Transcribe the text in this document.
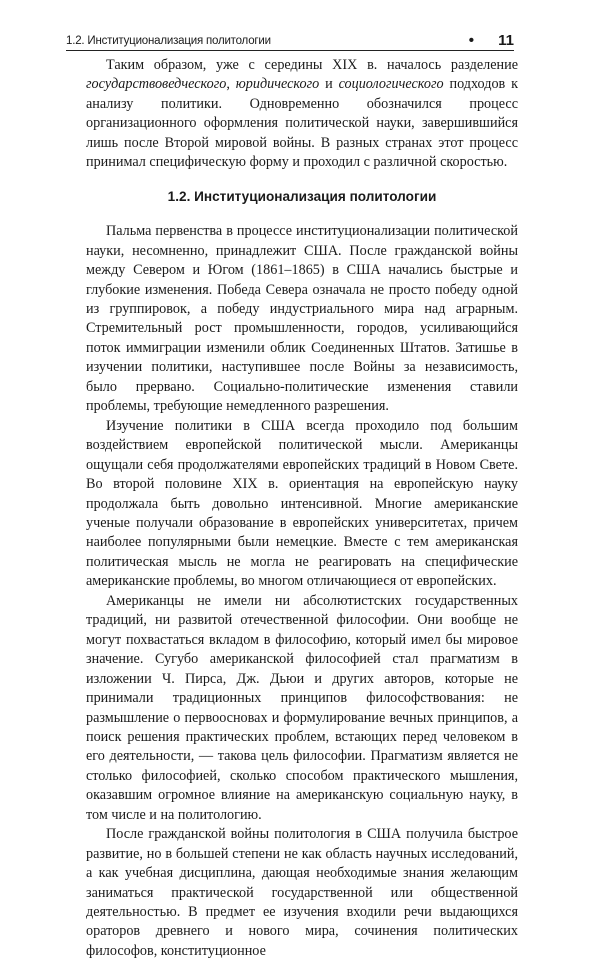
1.2. Институционализация политологии	• 11

Таким образом, уже с середины XIX в. началось разделение государствоведческого, юридического и социологического подходов к анализу политики. Одновременно обозначился процесс организационного оформления политической науки, завершившийся лишь после Второй мировой войны. В разных странах этот процесс принимал специфическую форму и проходил с различной скоростью.

1.2. Институционализация политологии

Пальма первенства в процессе институционализации политической науки, несомненно, принадлежит США. После гражданской войны между Севером и Югом (1861–1865) в США начались быстрые и глубокие изменения. Победа Севера означала не просто победу одной из группировок, а победу индустриального мира над аграрным. Стремительный рост промышленности, городов, усиливающийся поток иммиграции изменили облик Соединенных Штатов. Затишье в изучении политики, наступившее после Войны за независимость, было прервано. Социально-политические изменения ставили проблемы, требующие немедленного разрешения.

Изучение политики в США всегда проходило под большим воздействием европейской политической мысли. Американцы ощущали себя продолжателями европейских традиций в Новом Свете. Во второй половине XIX в. ориентация на европейскую науку продолжала быть довольно интенсивной. Многие американские ученые получали образование в европейских университетах, причем наиболее популярными были немецкие. Вместе с тем американская политическая мысль не могла не реагировать на специфические американские проблемы, во многом отличающиеся от европейских.

Американцы не имели ни абсолютистских государственных традиций, ни развитой отечественной философии. Они вообще не могут похвастаться вкладом в философию, который имел бы мировое значение. Сугубо американской философией стал прагматизм в изложении Ч. Пирса, Дж. Дьюи и других авторов, которые не принимали традиционных принципов философствования: не размышление о первоосновах и формулирование вечных принципов, а поиск решения практических проблем, встающих перед человеком в его деятельности, — такова цель философии. Прагматизм является не столько философией, сколько способом практического мышления, оказавшим огромное влияние на американскую социальную науку, в том числе и на политологию.

После гражданской войны политология в США получила быстрое развитие, но в большей степени не как область научных исследований, а как учебная дисциплина, дающая необходимые знания желающим заниматься практической государственной или общественной деятельностью. В предмет ее изучения входили речи выдающихся ораторов древнего и нового мира, сочинения политических философов, конституционное
